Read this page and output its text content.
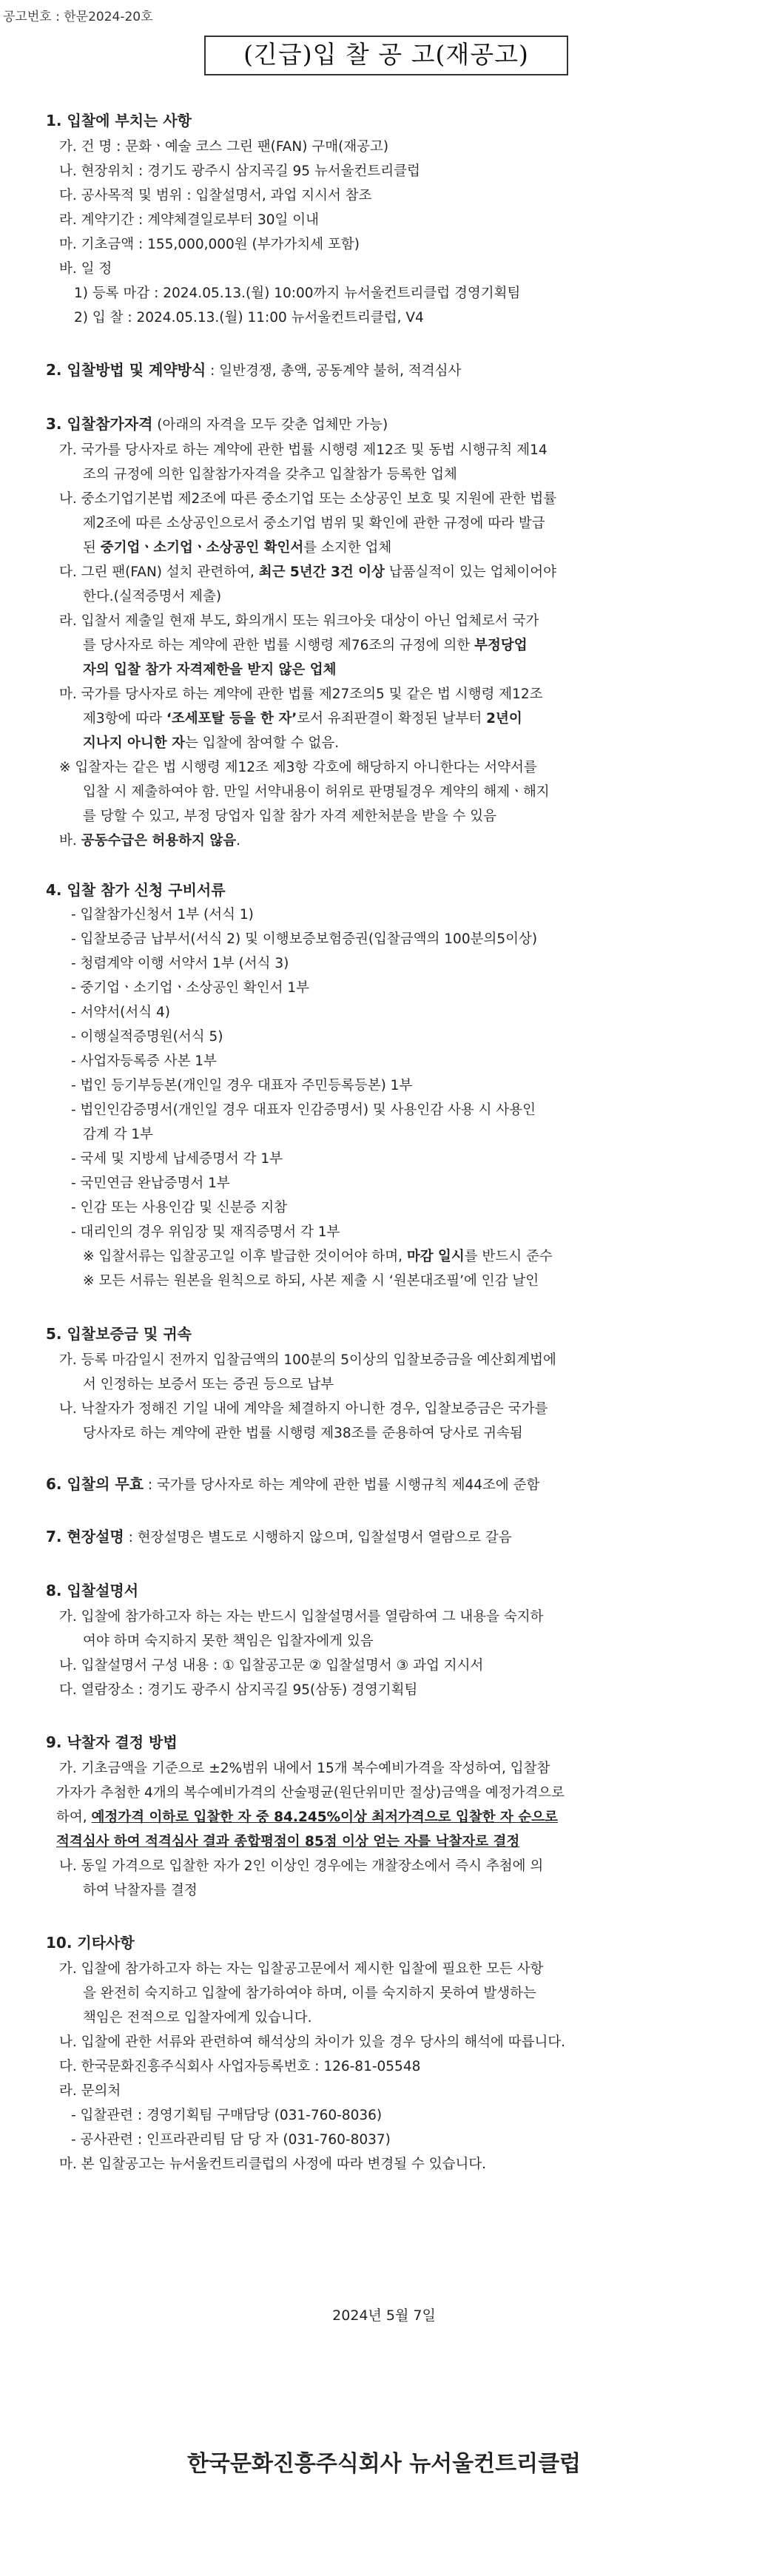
공고번호 : 한문2024-20호
(긴급)입 찰 공 고(재공고)
1. 입찰에 부치는 사항
가. 건 명 : 문화ㆍ예술 코스 그린 팬(FAN) 구매(재공고)
나. 현장위치 : 경기도 광주시 삼지곡길 95 뉴서울컨트리클럽
다. 공사목적 및 범위 : 입찰설명서, 과업 지시서 참조
라. 계약기간 : 계약체결일로부터 30일 이내
마. 기초금액 : 155,000,000원 (부가가치세 포함)
바. 일 정
1) 등록 마감 : 2024.05.13.(월) 10:00까지 뉴서울컨트리클럽 경영기획팀
2) 입 찰 : 2024.05.13.(월) 11:00 뉴서울컨트리클럽, V4
2. 입찰방법 및 계약방식 : 일반경쟁, 총액, 공동계약 불허, 적격심사
3. 입찰참가자격 (아래의 자격을 모두 갖춘 업체만 가능)
가. 국가를 당사자로 하는 계약에 관한 법률 시행령 제12조 및 동법 시행규칙 제14
조의 규정에 의한 입찰참가자격을 갖추고 입찰참가 등록한 업체
나. 중소기업기본법 제2조에 따른 중소기업 또는 소상공인 보호 및 지원에 관한 법률
제2조에 따른 소상공인으로서 중소기업 범위 및 확인에 관한 규정에 따라 발급
된 중기업ㆍ소기업ㆍ소상공인 확인서를 소지한 업체
다. 그린 팬(FAN) 설치 관련하여, 최근 5년간 3건 이상 납품실적이 있는 업체이어야
한다.(실적증명서 제출)
라. 입찰서 제출일 현재 부도, 화의개시 또는 워크아웃 대상이 아닌 업체로서 국가
를 당사자로 하는 계약에 관한 법률 시행령 제76조의 규정에 의한 부정당업
자의 입찰 참가 자격제한을 받지 않은 업체
마. 국가를 당사자로 하는 계약에 관한 법률 제27조의5 및 같은 법 시행령 제12조
제3항에 따라 ‘조세포탈 등을 한 자’로서 유죄판결이 확정된 날부터 2년이
지나지 아니한 자는 입찰에 참여할 수 없음.
※ 입찰자는 같은 법 시행령 제12조 제3항 각호에 해당하지 아니한다는 서약서를
입찰 시 제출하여야 함. 만일 서약내용이 허위로 판명될경우 계약의 해제ㆍ해지
를 당할 수 있고, 부정 당업자 입찰 참가 자격 제한처분을 받을 수 있음
바. 공동수급은 허용하지 않음.
4. 입찰 참가 신청 구비서류
- 입찰참가신청서 1부 (서식 1)
- 입찰보증금 납부서(서식 2) 및 이행보증보험증권(입찰금액의 100분의5이상)
- 청렴계약 이행 서약서 1부 (서식 3)
- 중기업ㆍ소기업ㆍ소상공인 확인서 1부
- 서약서(서식 4)
- 이행실적증명원(서식 5)
- 사업자등록증 사본 1부
- 법인 등기부등본(개인일 경우 대표자 주민등록등본) 1부
- 법인인감증명서(개인일 경우 대표자 인감증명서) 및 사용인감 사용 시 사용인
감계 각 1부
- 국세 및 지방세 납세증명서 각 1부
- 국민연금 완납증명서 1부
- 인감 또는 사용인감 및 신분증 지참
- 대리인의 경우 위임장 및 재직증명서 각 1부
※ 입찰서류는 입찰공고일 이후 발급한 것이어야 하며, 마감 일시를 반드시 준수
※ 모든 서류는 원본을 원칙으로 하되, 사본 제출 시 ‘원본대조필’에 인감 날인
5. 입찰보증금 및 귀속
가. 등록 마감일시 전까지 입찰금액의 100분의 5이상의 입찰보증금을 예산회계법에
서 인정하는 보증서 또는 증권 등으로 납부
나. 낙찰자가 정해진 기일 내에 계약을 체결하지 아니한 경우, 입찰보증금은 국가를
당사자로 하는 계약에 관한 법률 시행령 제38조를 준용하여 당사로 귀속됨
6. 입찰의 무효 : 국가를 당사자로 하는 계약에 관한 법률 시행규칙 제44조에 준함
7. 현장설명 : 현장설명은 별도로 시행하지 않으며, 입찰설명서 열람으로 갈음
8. 입찰설명서
가. 입찰에 참가하고자 하는 자는 반드시 입찰설명서를 열람하여 그 내용을 숙지하
여야 하며 숙지하지 못한 책임은 입찰자에게 있음
나. 입찰설명서 구성 내용 : ① 입찰공고문 ② 입찰설명서 ③ 과업 지시서
다. 열람장소 : 경기도 광주시 삼지곡길 95(삼동) 경영기획팀
9. 낙찰자 결정 방법
가. 기초금액을 기준으로 ±2%범위 내에서 15개 복수예비가격을 작성하여, 입찰참
가자가 추첨한 4개의 복수예비가격의 산술평균(원단위미만 절상)금액을 예정가격으로
하여, 예정가격 이하로 입찰한 자 중 84.245%이상 최저가격으로 입찰한 자 순으로
적격심사 하여 적격심사 결과 종합평점이 85점 이상 얻는 자를 낙찰자로 결정
나. 동일 가격으로 입찰한 자가 2인 이상인 경우에는 개찰장소에서 즉시 추첨에 의
하여 낙찰자를 결정
10. 기타사항
가. 입찰에 참가하고자 하는 자는 입찰공고문에서 제시한 입찰에 필요한 모든 사항
을 완전히 숙지하고 입찰에 참가하여야 하며, 이를 숙지하지 못하여 발생하는
책임은 전적으로 입찰자에게 있습니다.
나. 입찰에 관한 서류와 관련하여 해석상의 차이가 있을 경우 당사의 해석에 따릅니다.
다. 한국문화진흥주식회사 사업자등록번호 : 126-81-05548
라. 문의처
- 입찰관련 : 경영기획팀 구매담당 (031-760-8036)
- 공사관련 : 인프라관리팀 담 당 자 (031-760-8037)
마. 본 입찰공고는 뉴서울컨트리클럽의 사정에 따라 변경될 수 있습니다.
2024년 5월 7일
한국문화진흥주식회사 뉴서울컨트리클럽
